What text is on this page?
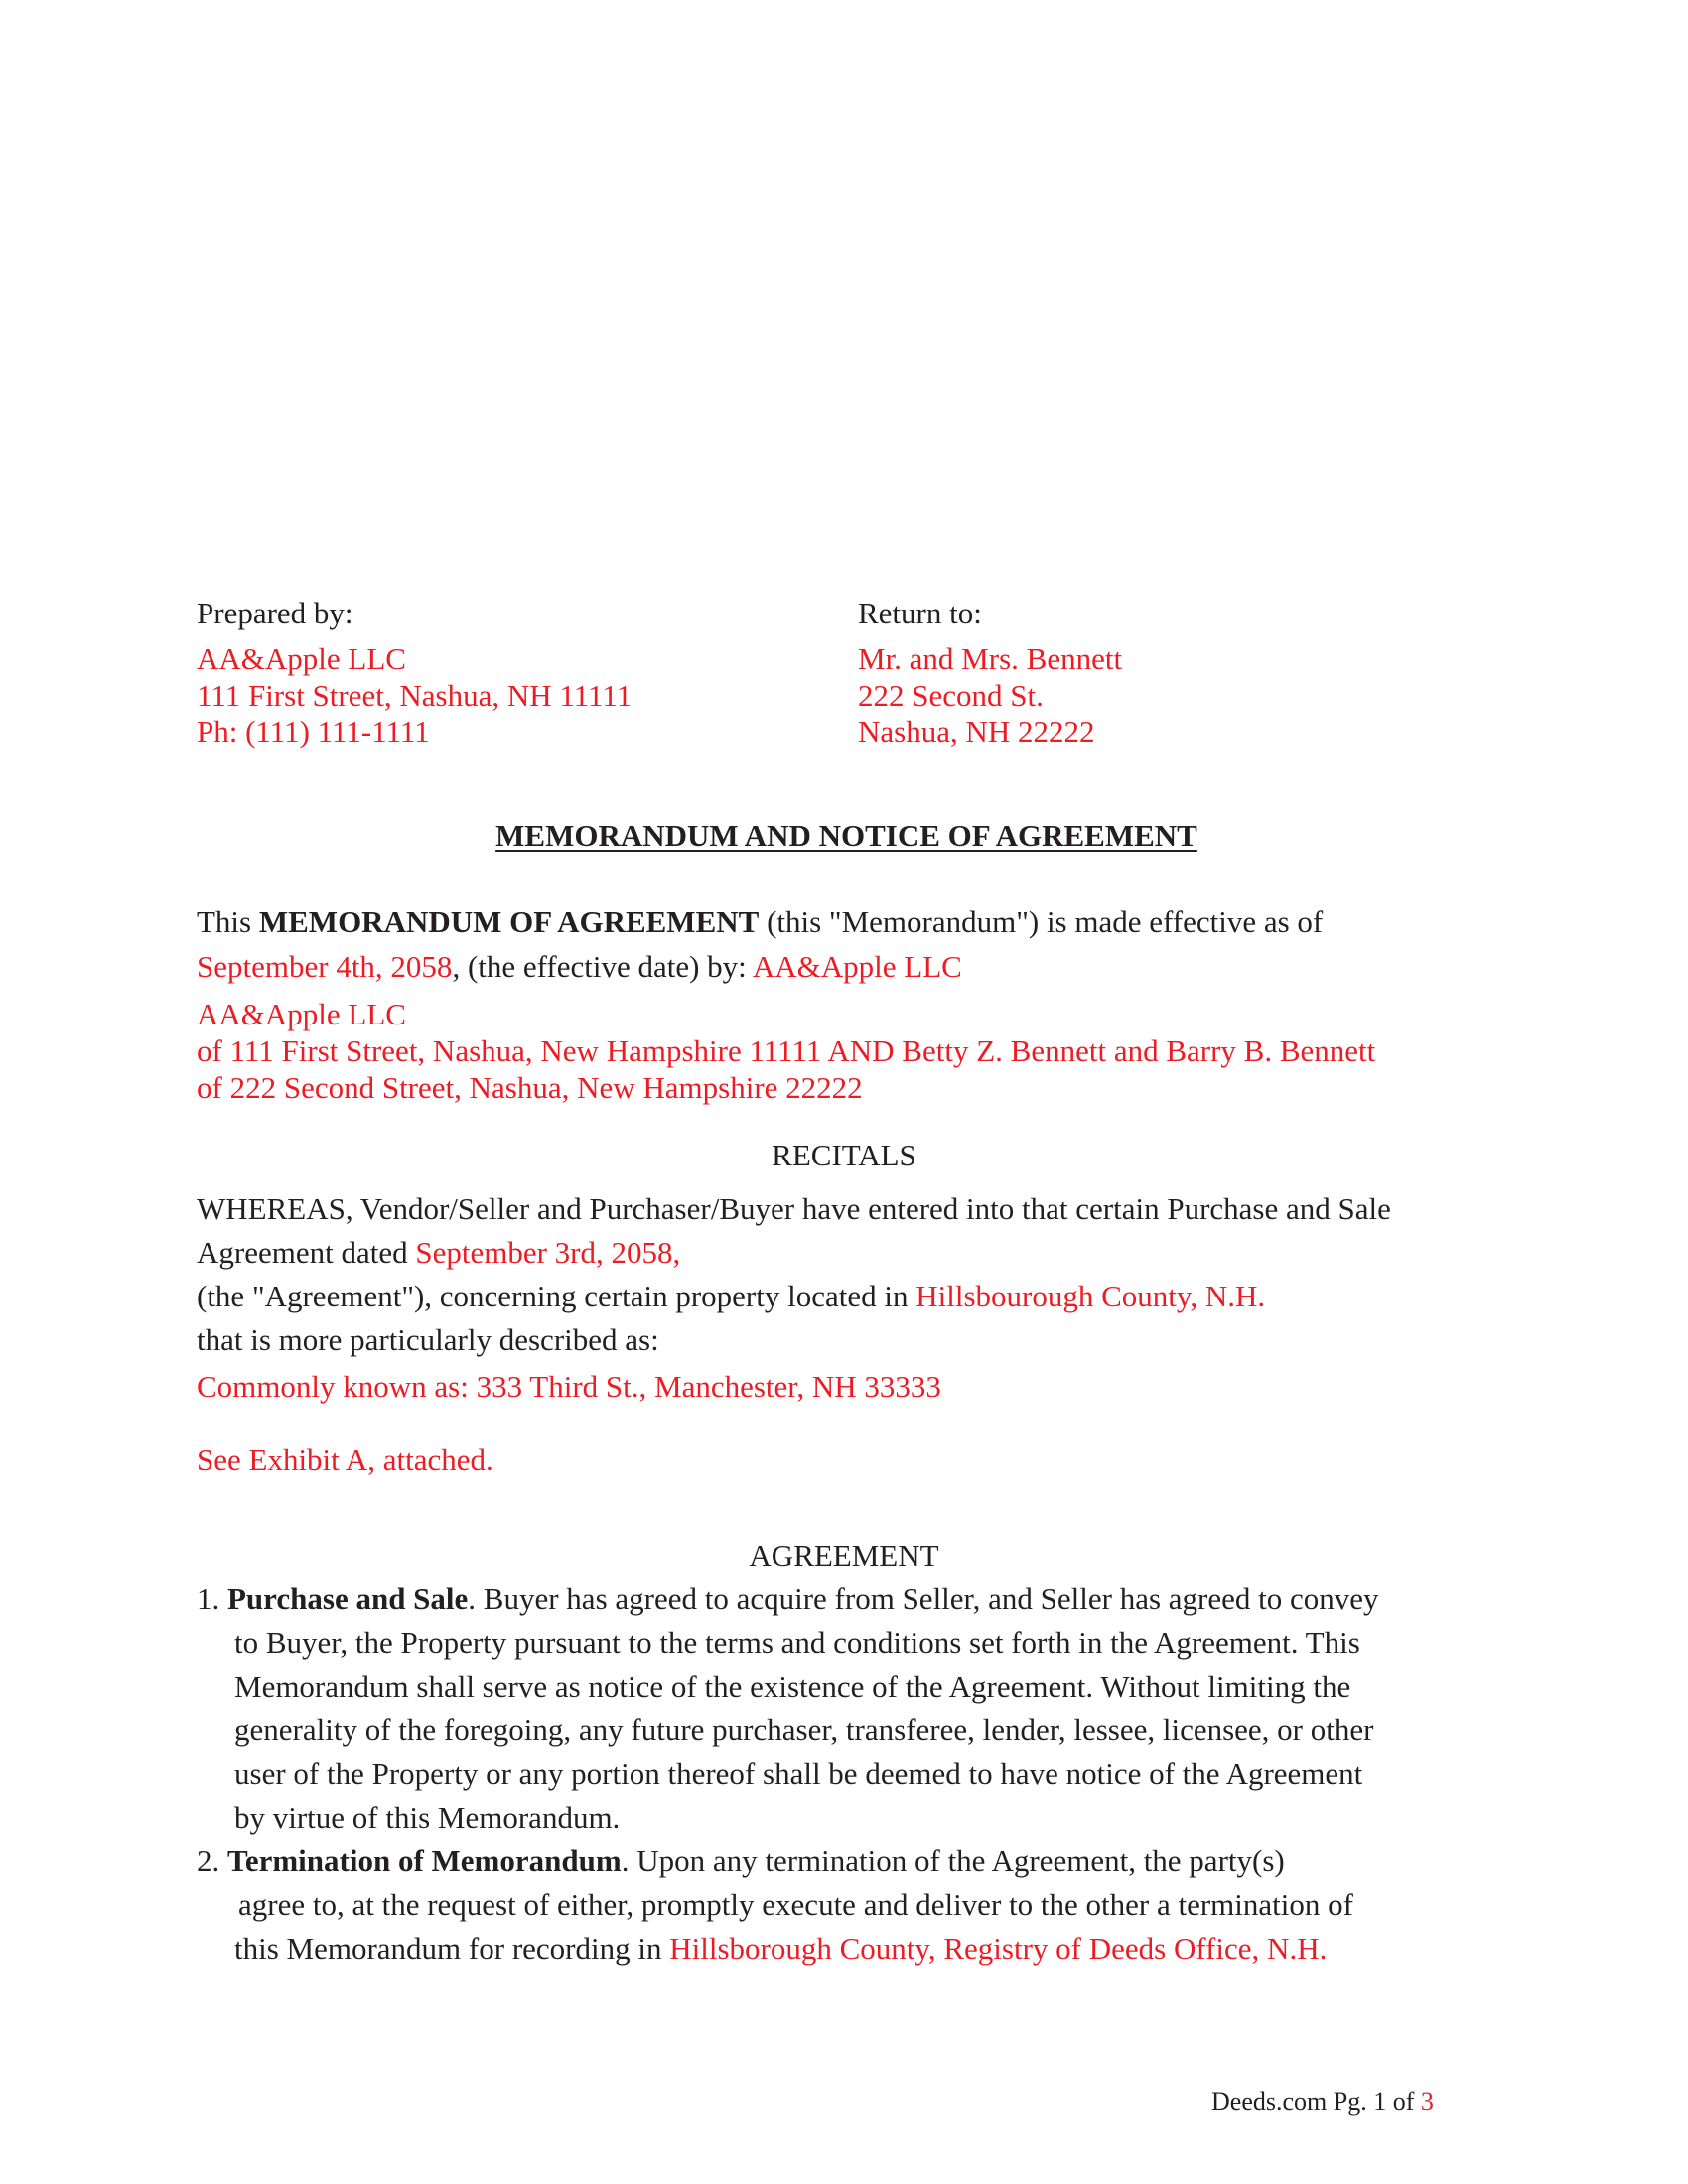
Prepared by:
AA&Apple LLC
111 First Street, Nashua, NH 11111
Ph: (111) 111-1111
Return to:
Mr. and Mrs. Bennett
222 Second St.
Nashua, NH 22222
MEMORANDUM AND NOTICE OF AGREEMENT
This MEMORANDUM OF AGREEMENT (this "Memorandum") is made effective as of
September 4th, 2058, (the effective date) by: AA&Apple LLC
AA&Apple LLC
of 111 First Street, Nashua, New Hampshire 11111 AND Betty Z. Bennett and Barry B. Bennett
of 222 Second Street, Nashua, New Hampshire 22222
RECITALS
WHEREAS, Vendor/Seller and Purchaser/Buyer have entered into that certain Purchase and Sale
Agreement dated September 3rd, 2058,
(the "Agreement"), concerning certain property located in Hillsbourough County, N.H.
that is more particularly described as:
Commonly known as: 333 Third St., Manchester, NH 33333
See Exhibit A, attached.
AGREEMENT
1. Purchase and Sale. Buyer has agreed to acquire from Seller, and Seller has agreed to convey
to Buyer, the Property pursuant to the terms and conditions set forth in the Agreement. This
Memorandum shall serve as notice of the existence of the Agreement. Without limiting the
generality of the foregoing, any future purchaser, transferee, lender, lessee, licensee, or other
user of the Property or any portion thereof shall be deemed to have notice of the Agreement
by virtue of this Memorandum.
2. Termination of Memorandum. Upon any termination of the Agreement, the party(s)
agree to, at the request of either, promptly execute and deliver to the other a termination of
this Memorandum for recording in Hillsborough County, Registry of Deeds Office, N.H.
Deeds.com Pg. 1 of 3
